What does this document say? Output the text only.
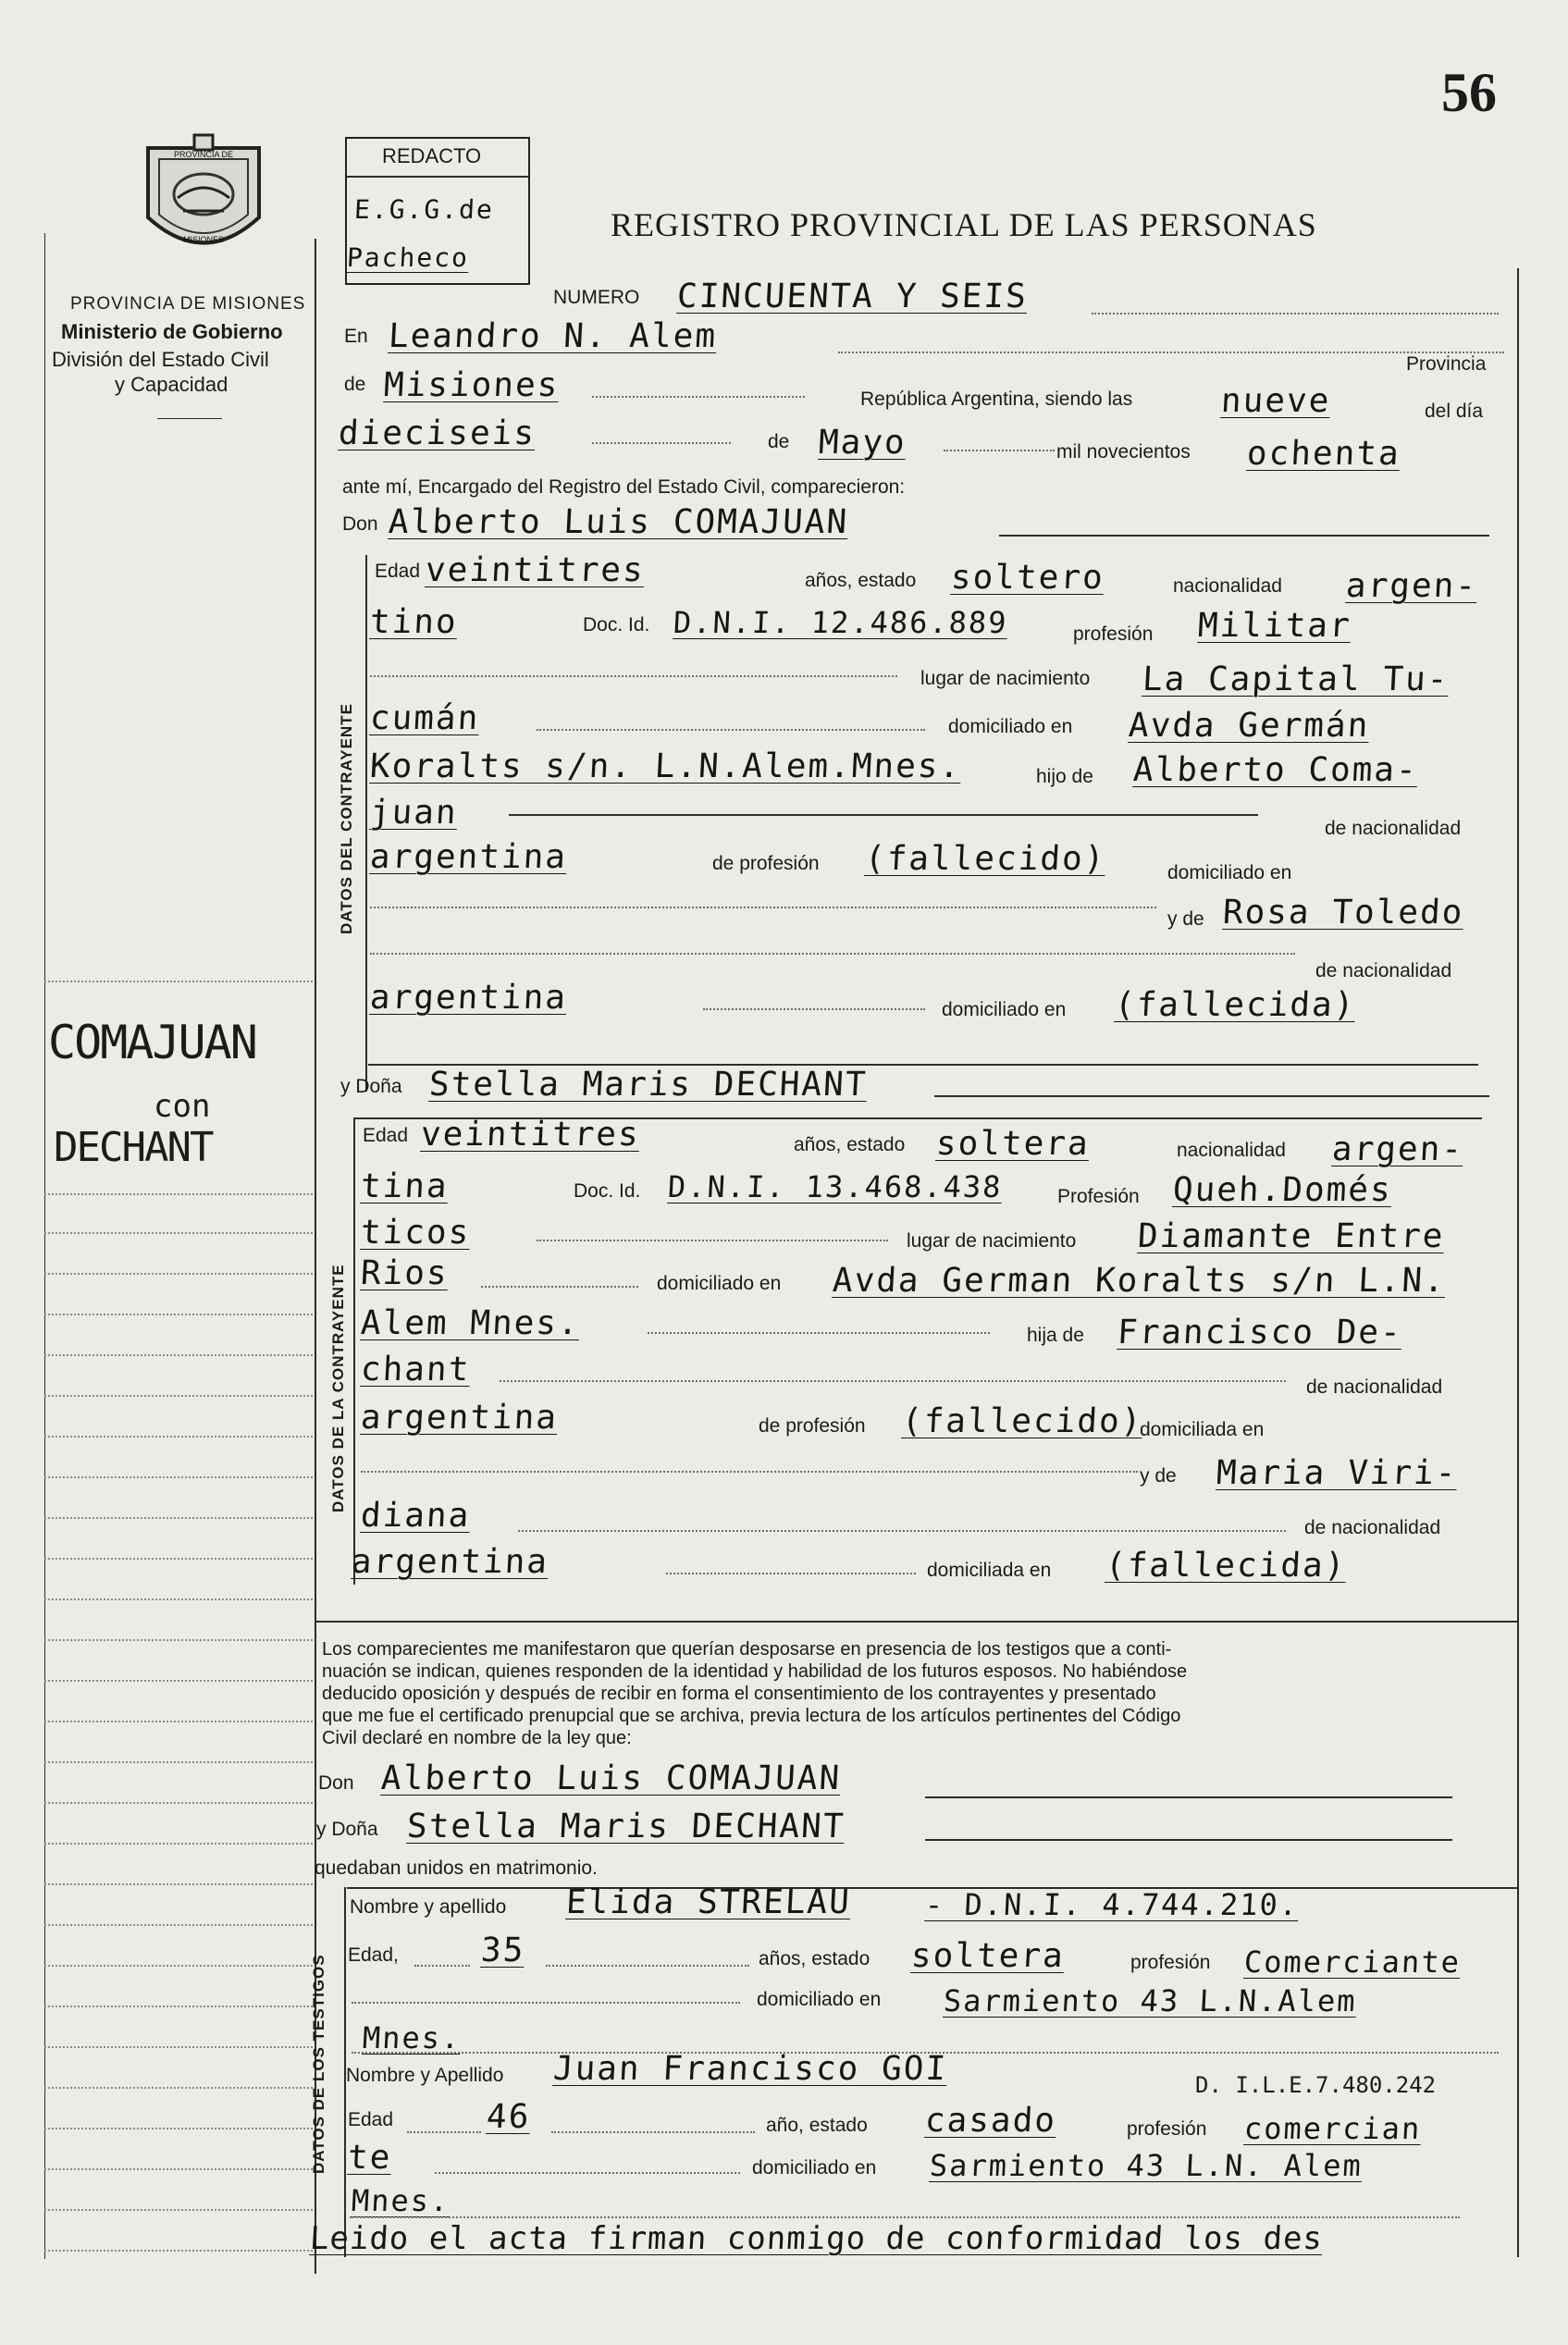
56
PROVINCIA DE
MISIONES
PROVINCIA DE MISIONES
Ministerio de Gobierno
División del Estado Civil
y Capacidad
REDACTO
E.G.G.de
Pacheco
REGISTRO PROVINCIAL DE LAS PERSONAS
NUMERO CINCUENTA Y SEIS
En Leandro N. Alem
Provincia
de Misiones	República Argentina, siendo las	nueve	del día
dieciseis	de Mayo	mil novecientos ochenta
ante mí, Encargado del Registro del Estado Civil, comparecieron:
Don Alberto Luis COMAJUAN
DATOS DEL CONTRAYENTE
Edad veintitres	años, estado soltero	nacionalidad argen-
tino	Doc. Id. D.N.I. 12.486.889	profesión Militar
lugar de nacimiento La Capital Tu-
cumán	domiciliado en Avda Germán
Koralts s/n. L.N.Alem.Mnes.	hijo de Alberto Coma-
juan	de nacionalidad
argentina	de profesión (fallecido)	domiciliado en
y de Rosa Toledo
de nacionalidad
argentina	domiciliado en (fallecida)
COMAJUAN
con
DECHANT
y Doña Stella Maris DECHANT
DATOS DE LA CONTRAYENTE
Edad veintitres	años, estado soltera	nacionalidad argen-
tina	Doc. Id. D.N.I. 13.468.438	Profesión Queh.Domés
ticos	lugar de nacimiento Diamante Entre
Rios	domiciliado en Avda German Koralts s/n L.N.
Alem Mnes.	hija de Francisco De-
chant	de nacionalidad
argentina	de profesión (fallecido)
domiciliada en
y de Maria Viri-
diana	de nacionalidad
argentina	domiciliada en (fallecida)
Los comparecientes me manifestaron que querían desposarse en presencia de los testigos que a conti-
nuación se indican, quienes responden de la identidad y habilidad de los futuros esposos. No habiéndose
deducido oposición y después de recibir en forma el consentimiento de los contrayentes y presentado
que me fue el certificado prenupcial que se archiva, previa lectura de los artículos pertinentes del Código
Civil declaré en nombre de la ley que:
Don Alberto Luis COMAJUAN
y Doña Stella Maris DECHANT
quedaban unidos en matrimonio.
DATOS DE LOS TESTIGOS
Nombre y apellido Elida STRELAU - D.N.I. 4.744.210.
Edad, 35	años, estado soltera	profesión Comerciante
domiciliado en Sarmiento 43 L.N.Alem
Mnes.
Nombre y Apellido Juan Francisco GOI	D. I.L.E.7.480.242
Edad	46	año, estado casado	profesión comercian
te	domiciliado en Sarmiento 43 L.N. Alem
Mnes.
Leido el acta firman conmigo de conformidad los des
